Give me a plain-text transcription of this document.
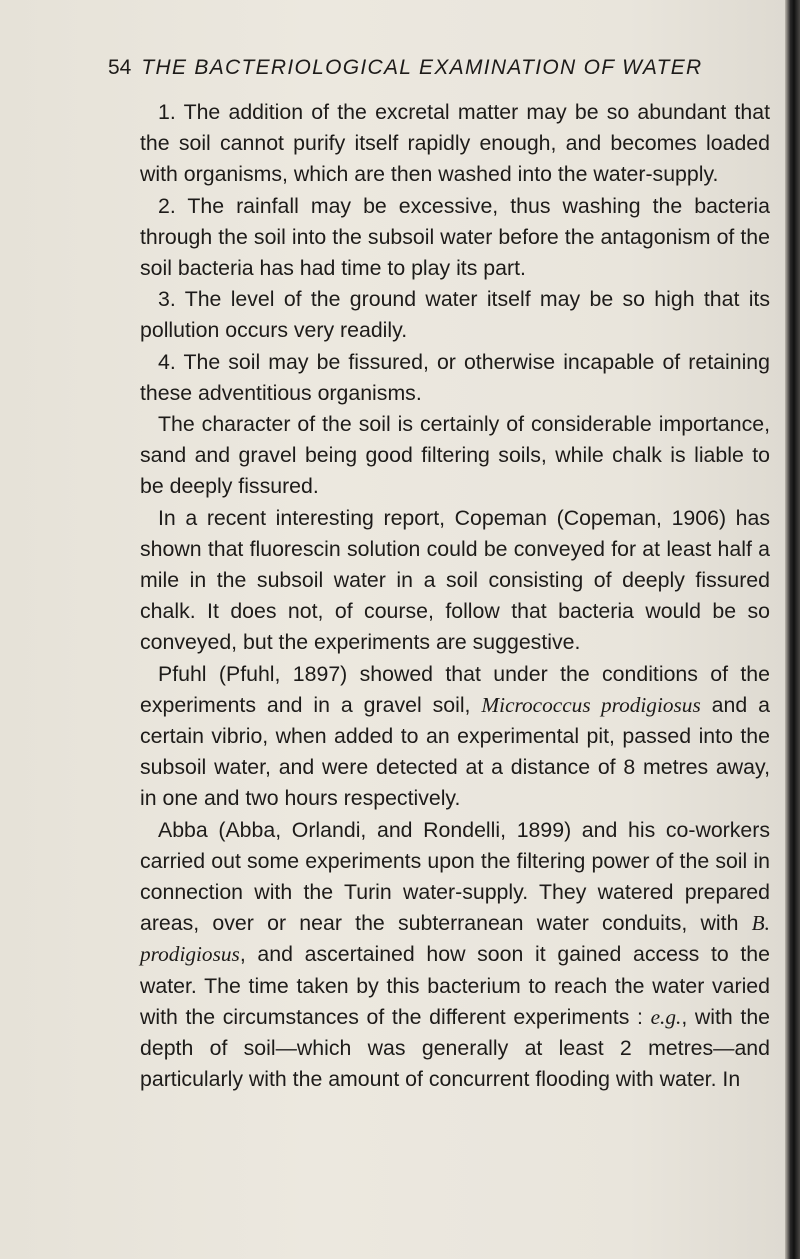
54 THE BACTERIOLOGICAL EXAMINATION OF WATER

1. The addition of the excretal matter may be so abundant that the soil cannot purify itself rapidly enough, and becomes loaded with organisms, which are then washed into the water-supply.

2. The rainfall may be excessive, thus washing the bacteria through the soil into the subsoil water before the antagonism of the soil bacteria has had time to play its part.

3. The level of the ground water itself may be so high that its pollution occurs very readily.

4. The soil may be fissured, or otherwise incapable of retaining these adventitious organisms.

The character of the soil is certainly of considerable importance, sand and gravel being good filtering soils, while chalk is liable to be deeply fissured.

In a recent interesting report, Copeman (Copeman, 1906) has shown that fluorescin solution could be conveyed for at least half a mile in the subsoil water in a soil consisting of deeply fissured chalk. It does not, of course, follow that bacteria would be so conveyed, but the experiments are suggestive.

Pfuhl (Pfuhl, 1897) showed that under the conditions of the experiments and in a gravel soil, Micrococcus prodigiosus and a certain vibrio, when added to an experimental pit, passed into the subsoil water, and were detected at a distance of 8 metres away, in one and two hours respectively.

Abba (Abba, Orlandi, and Rondelli, 1899) and his co-workers carried out some experiments upon the filtering power of the soil in connection with the Turin water-supply. They watered prepared areas, over or near the subterranean water conduits, with B. prodigiosus, and ascertained how soon it gained access to the water. The time taken by this bacterium to reach the water varied with the circumstances of the different experiments : e.g., with the depth of soil—which was generally at least 2 metres—and particularly with the amount of concurrent flooding with water. In
